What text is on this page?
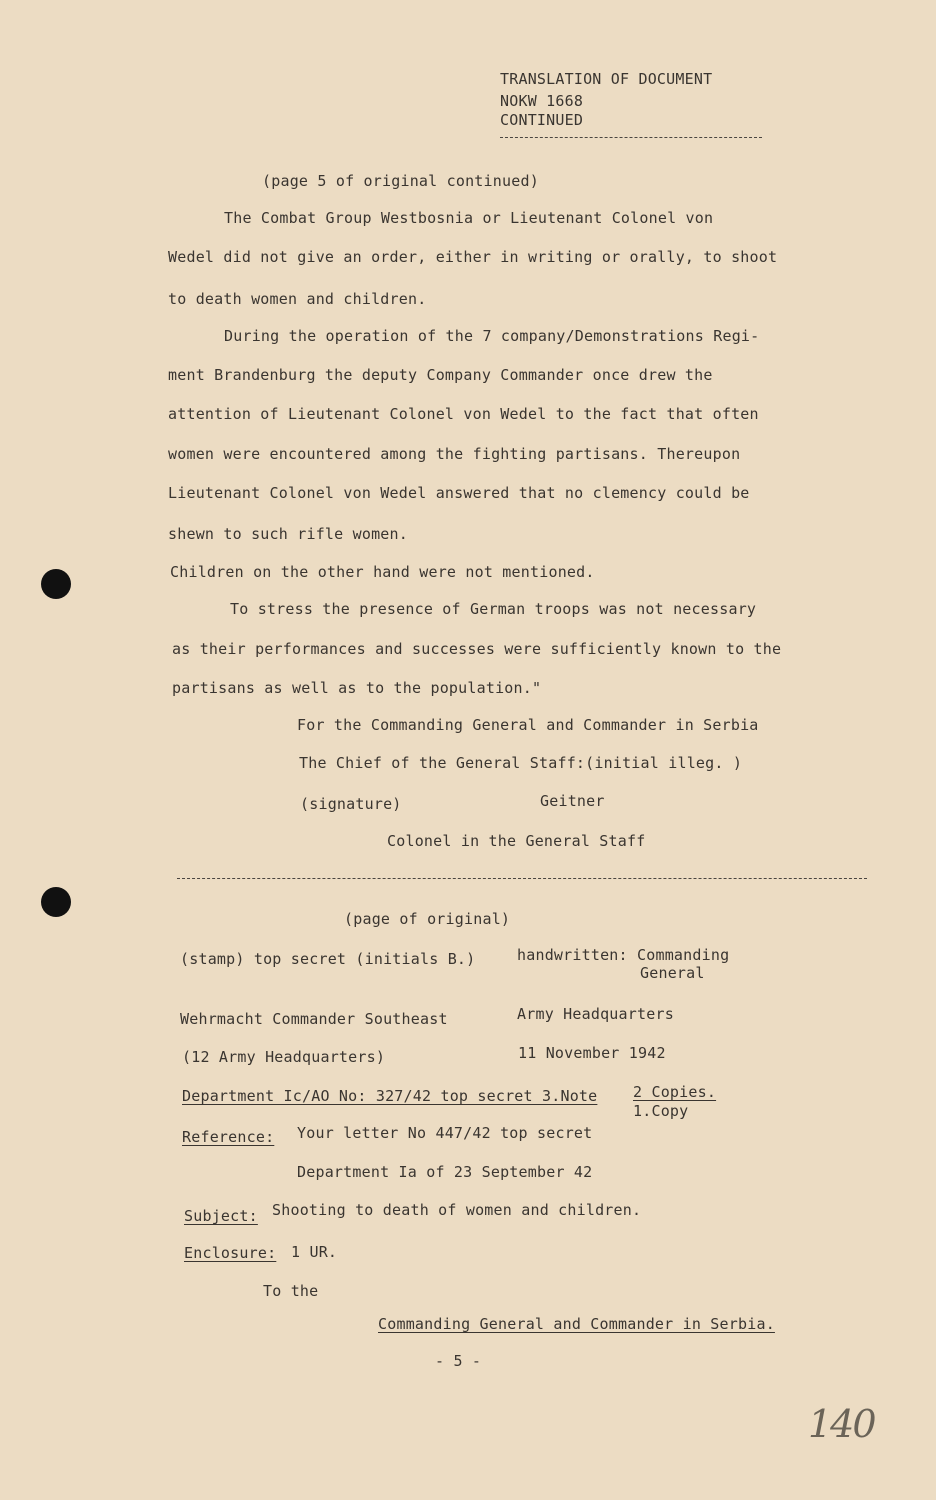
TRANSLATION OF DOCUMENT
NOKW 1668
CONTINUED
(page 5 of original continued)
The Combat Group Westbosnia or Lieutenant Colonel von
Wedel did not give an order, either in writing or orally, to shoot
to death women and children.
During the operation of the 7 company/Demonstrations Regi-
ment Brandenburg the deputy Company Commander once drew the
attention of Lieutenant Colonel von Wedel to the fact that often
women were encountered among the fighting partisans. Thereupon
Lieutenant Colonel von Wedel answered that no clemency could be
shewn to such rifle women.
Children on the other hand were not mentioned.
To stress the presence of German troops was not necessary
as their performances and successes were sufficiently known to the
partisans as well as to the population."
For the Commanding General and Commander in Serbia
The Chief of the General Staff:(initial illeg. )
(signature)	Geitner
Colonel in the General Staff
(page of original)
(stamp) top secret (initials B.)	handwritten: Commanding
General
Wehrmacht Commander Southeast	Army Headquarters
(12 Army Headquarters)	11 November 1942
Department Ic/AO No: 327/42 top secret 3.Note 2 Copies.
1.Copy
Reference: Your letter No 447/42 top secret
Department Ia of 23 September 42
Subject: Shooting to death of women and children.
Enclosure: 1 UR.
To the
Commanding General and Commander in Serbia.
- 5 -
140
